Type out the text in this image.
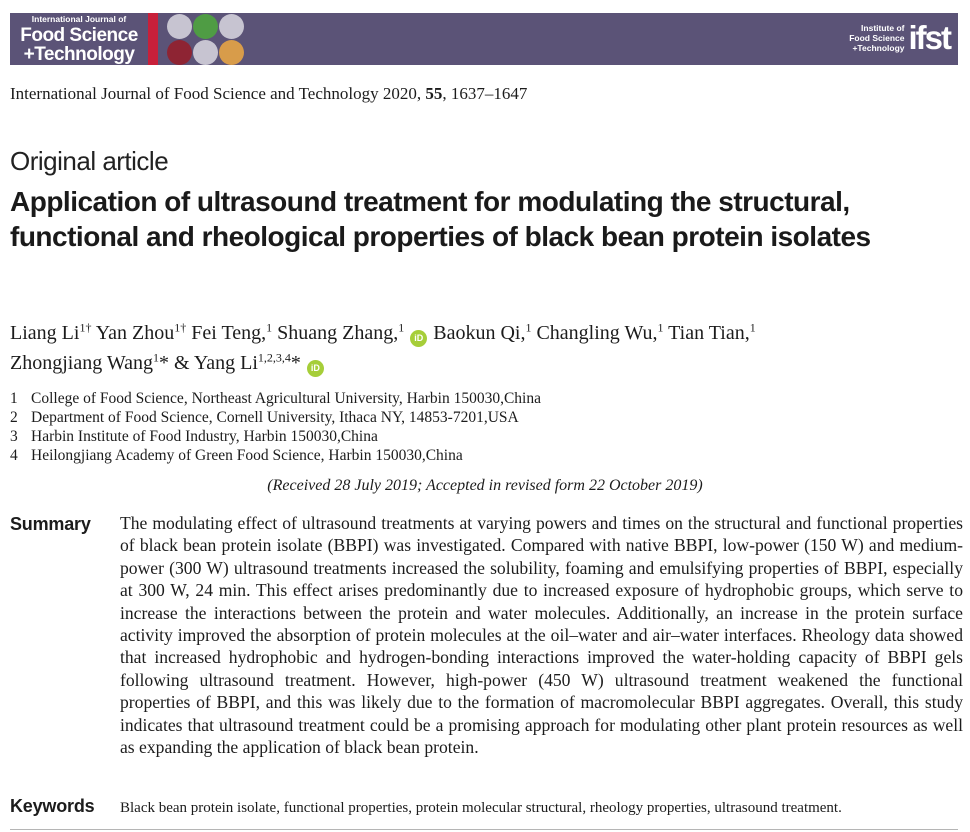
International Journal of
Food Science
+Technology
Institute of
Food Science
+Technology ifst
International Journal of Food Science and Technology 2020, 55, 1637–1647
Original article
Application of ultrasound treatment for modulating the structural, functional and rheological properties of black bean protein isolates
Liang $Li^{1\dagger}$ Yan Zhou$^{1\dagger}$ Fei Teng,$^1$ Shuang Zhang,$^1$ iD Baokun Qi,$^1$ Changling Wu,$^1$ Tian Tian,$^1$
Zhongjiang Wang$^1$* & Yang Li$^{1,2,3,4}$* iD
1 College of Food Science, Northeast Agricultural University, Harbin 150030,China
2 Department of Food Science, Cornell University, Ithaca NY, 14853-7201,USA
3 Harbin Institute of Food Industry, Harbin 150030,China
4 Heilongjiang Academy of Green Food Science, Harbin 150030,China
(Received 28 July 2019; Accepted in revised form 22 October 2019)
Summary The modulating effect of ultrasound treatments at varying powers and times on the structural and functional properties of black bean protein isolate (BBPI) was investigated. Compared with native BBPI, low-power (150 W) and medium-power (300 W) ultrasound treatments increased the solubility, foaming and emulsifying properties of BBPI, especially at 300 W, 24 min. This effect arises predominantly due to increased exposure of hydrophobic groups, which serve to increase the interactions between the protein and water molecules. Additionally, an increase in the protein surface activity improved the absorption of protein molecules at the oil–water and air–water interfaces. Rheology data showed that increased hydrophobic and hydrogen-bonding interactions improved the water-holding capacity of BBPI gels following ultrasound treatment. However, high-power (450 W) ultrasound treatment weakened the functional properties of BBPI, and this was likely due to the formation of macromolecular BBPI aggregates. Overall, this study indicates that ultrasound treatment could be a promising approach for modulating other plant protein resources as well as expanding the application of black bean protein.
Keywords Black bean protein isolate, functional properties, protein molecular structural, rheology properties, ultrasound treatment.
